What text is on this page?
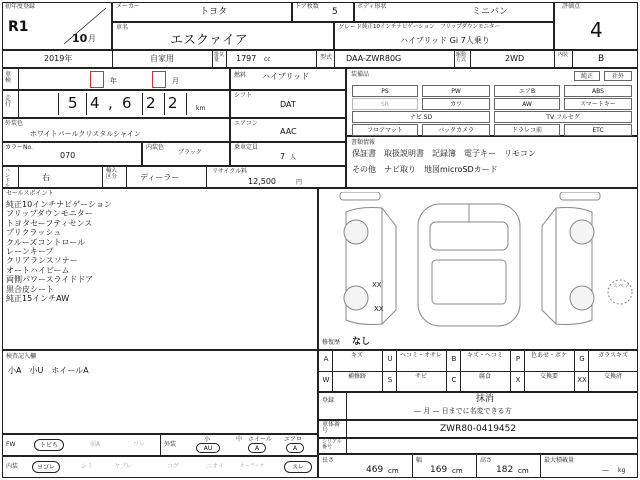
初年度登録
R1
10 月
メーカー
トヨタ
ドア枚数
5
ボディ形状
ミニバン
評価点
4
車名
エスクァイア
グレード 純正10インチナビゲーション　フリップダウンモニター
ハイブリッド Gi 7人乗り
2019年	自家用	排気量	1797 cc	型式 DAA-ZWR80G	駆動方式	2WD	内装	B
車検	年	月
燃料 ハイブリッド
走行	5 4 , 6 2 2	km
シフト
DAT
外装色
ホワイトパールクリスタルシャイン
エアコン
AAC
カラーNo.
070
内装色
ブラック
乗車定員
7 人
ハンドル
右
輸入区分	ディーラー
リサイクル料
12,500	円
装備品	純正	社外
PS	PW	エアB	ABS
SR	カワ	AW	スマートキー
ナビ SD	TV フルセグ
フロアマット	バックカメラ	ドラレコ前	ETC
書類情報
保証書　取扱説明書　記録簿　電子キー　リモコン
その他　ナビ取り　地図microSDカード
セールスポイント
純正10インチナビゲーション
フリップダウンモニター
トヨタセーフティセンス
プリクラッシュ
クルーズコントロール
レーンキープ
クリアランスソナー
オートハイビーム
両側パワースライドドア
黒合皮シート
純正15インチAW
XX
XX
スペア
修復歴 なし
検査記入欄
小A　小U　ホイールA
A	キズ	U	ヘコミ・オサレ	B	キズ・ヘコミ	P	色あせ・ボケ	G	ガラスキズ
W	補修跡	S	サビ	C	腐食	X	交換要	XX	交換済
登録	抹消
— 月 — 日までに名変できる方
車体番号	ZWR80-0419452
シリアル番号
FW	トビち	弱A	ワレ	外装
小
AU
中 ホイール
A
エアロ
A
内装	ヨゴレ	シミ	ヤブレ	コゲ	ニオイ	オーディオ	スレ
長さ
469 cm
幅
169 cm
高さ
182 cm
最大積載量
— kg
